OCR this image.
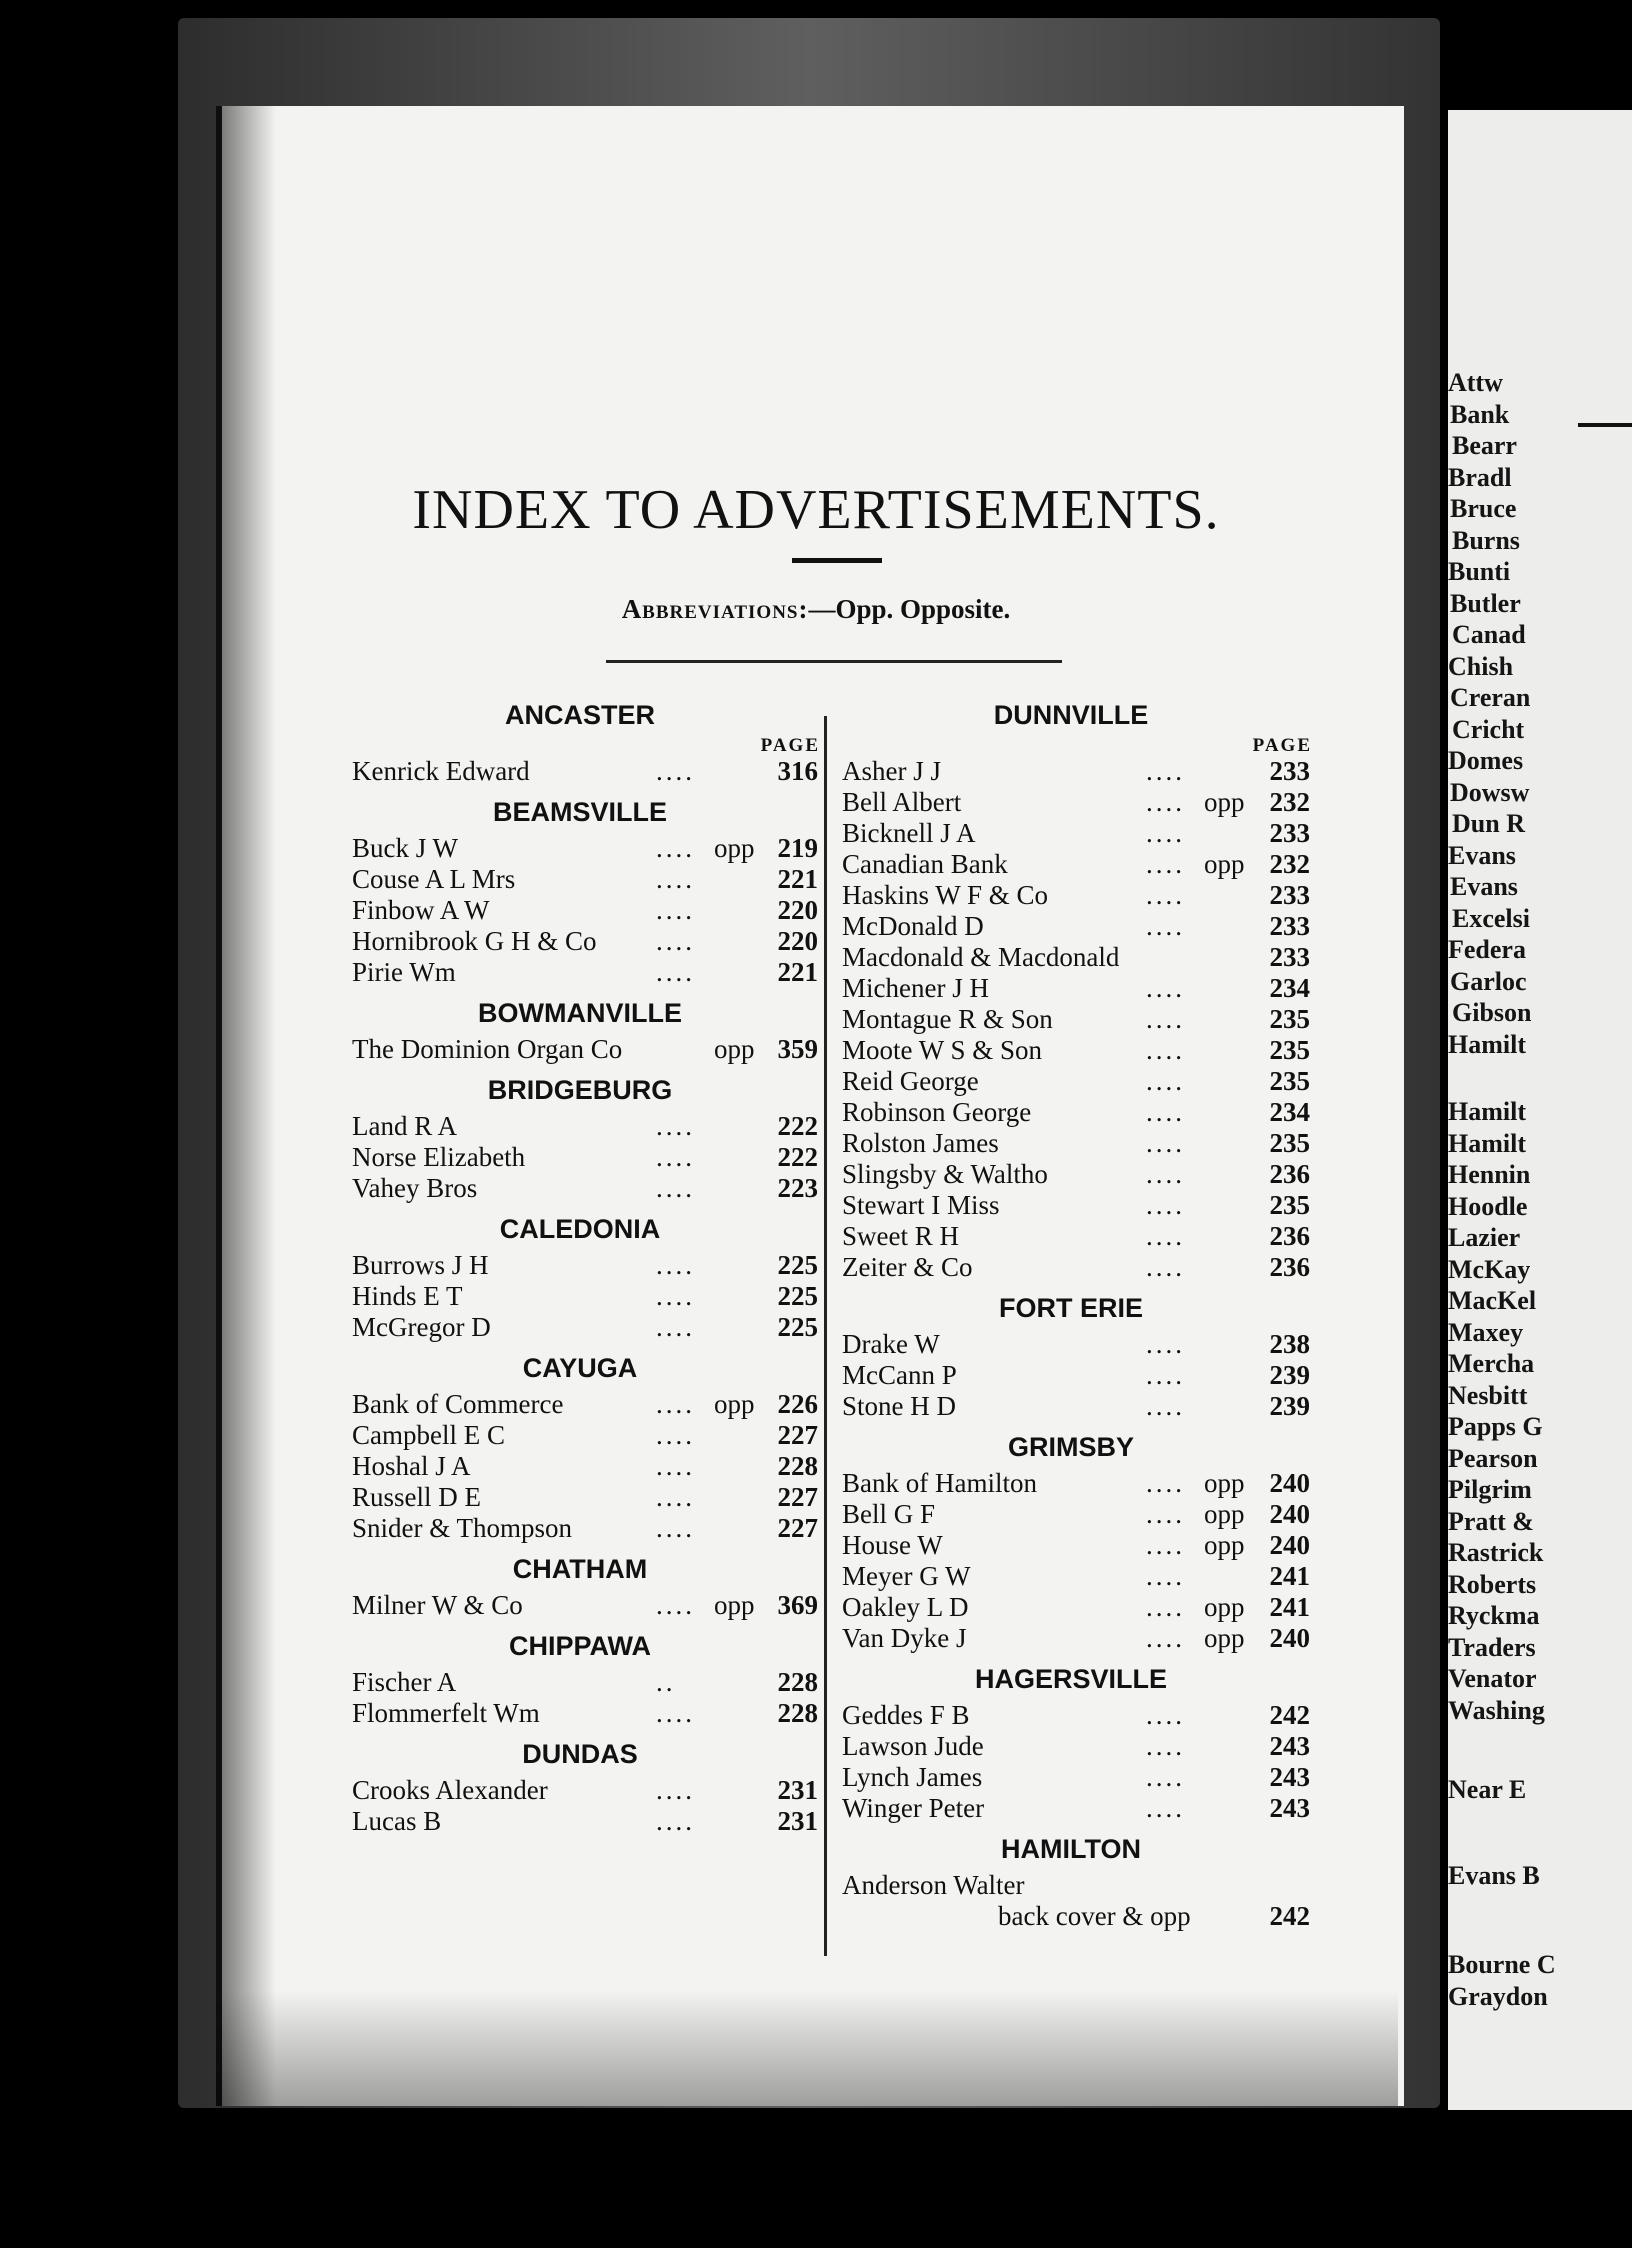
Attw
Bank
Bearr
Bradl
Bruce
Burns
Bunti
Butler
Canad
Chish
Creran
Cricht
Domes
Dowsw
Dun R
Evans
Evans
Excelsi
Federa
Garloc
Gibson
Hamilt
Hamilt
Hamilt
Hennin
Hoodle
Lazier
McKay
MacKel
Maxey
Mercha
Nesbitt
Papps G
Pearson
Pilgrim
Pratt &
Rastrick
Roberts
Ryckma
Traders
Venator
Washing
Near E
Evans B
Bourne C
Graydon
INDEX TO ADVERTISEMENTS.
Abbreviations:—Opp. Opposite.
ANCASTER
PAGE
Kenrick Edward	....	316
BEAMSVILLE
Buck J W	.... opp 219
Couse A L Mrs	....	221
Finbow A W	....	220
Hornibrook G H & Co ....	220
Pirie Wm	....	221
BOWMANVILLE
The Dominion Organ Co	opp 359
BRIDGEBURG
Land R A	....	222
Norse Elizabeth	....	222
Vahey Bros	....	223
CALEDONIA
Burrows J H	....	225
Hinds E T	....	225
McGregor D	....	225
CAYUGA
Bank of Commerce	.... opp 226
Campbell E C	....	227
Hoshal J A	....	228
Russell D E	....	227
Snider & Thompson	....	227
CHATHAM
Milner W & Co	.... opp 369
CHIPPAWA
Fischer A	..	228
Flommerfelt Wm	....	228
DUNDAS
Crooks Alexander	....	231
Lucas B	....	231
DUNNVILLE
PAGE
Asher J J	....	233
Bell Albert	.... opp 232
Bicknell J A	....	233
Canadian Bank	.... opp 232
Haskins W F & Co	....	233
McDonald D	....	233
Macdonald & Macdonald	233
Michener J H	....	234
Montague R & Son	....	235
Moote W S & Son	....	235
Reid George	....	235
Robinson George	....	234
Rolston James	....	235
Slingsby & Waltho	....	236
Stewart I Miss	....	235
Sweet R H	....	236
Zeiter & Co	....	236
FORT ERIE
Drake W	....	238
McCann P	....	239
Stone H D	....	239
GRIMSBY
Bank of Hamilton	.... opp 240
Bell G F	.... opp 240
House W	.... opp 240
Meyer G W	....	241
Oakley L D	.... opp 241
Van Dyke J	.... opp 240
HAGERSVILLE
Geddes F B	....	242
Lawson Jude	....	243
Lynch James	....	243
Winger Peter	....	243
HAMILTON
Anderson Walter
back cover & opp	242
